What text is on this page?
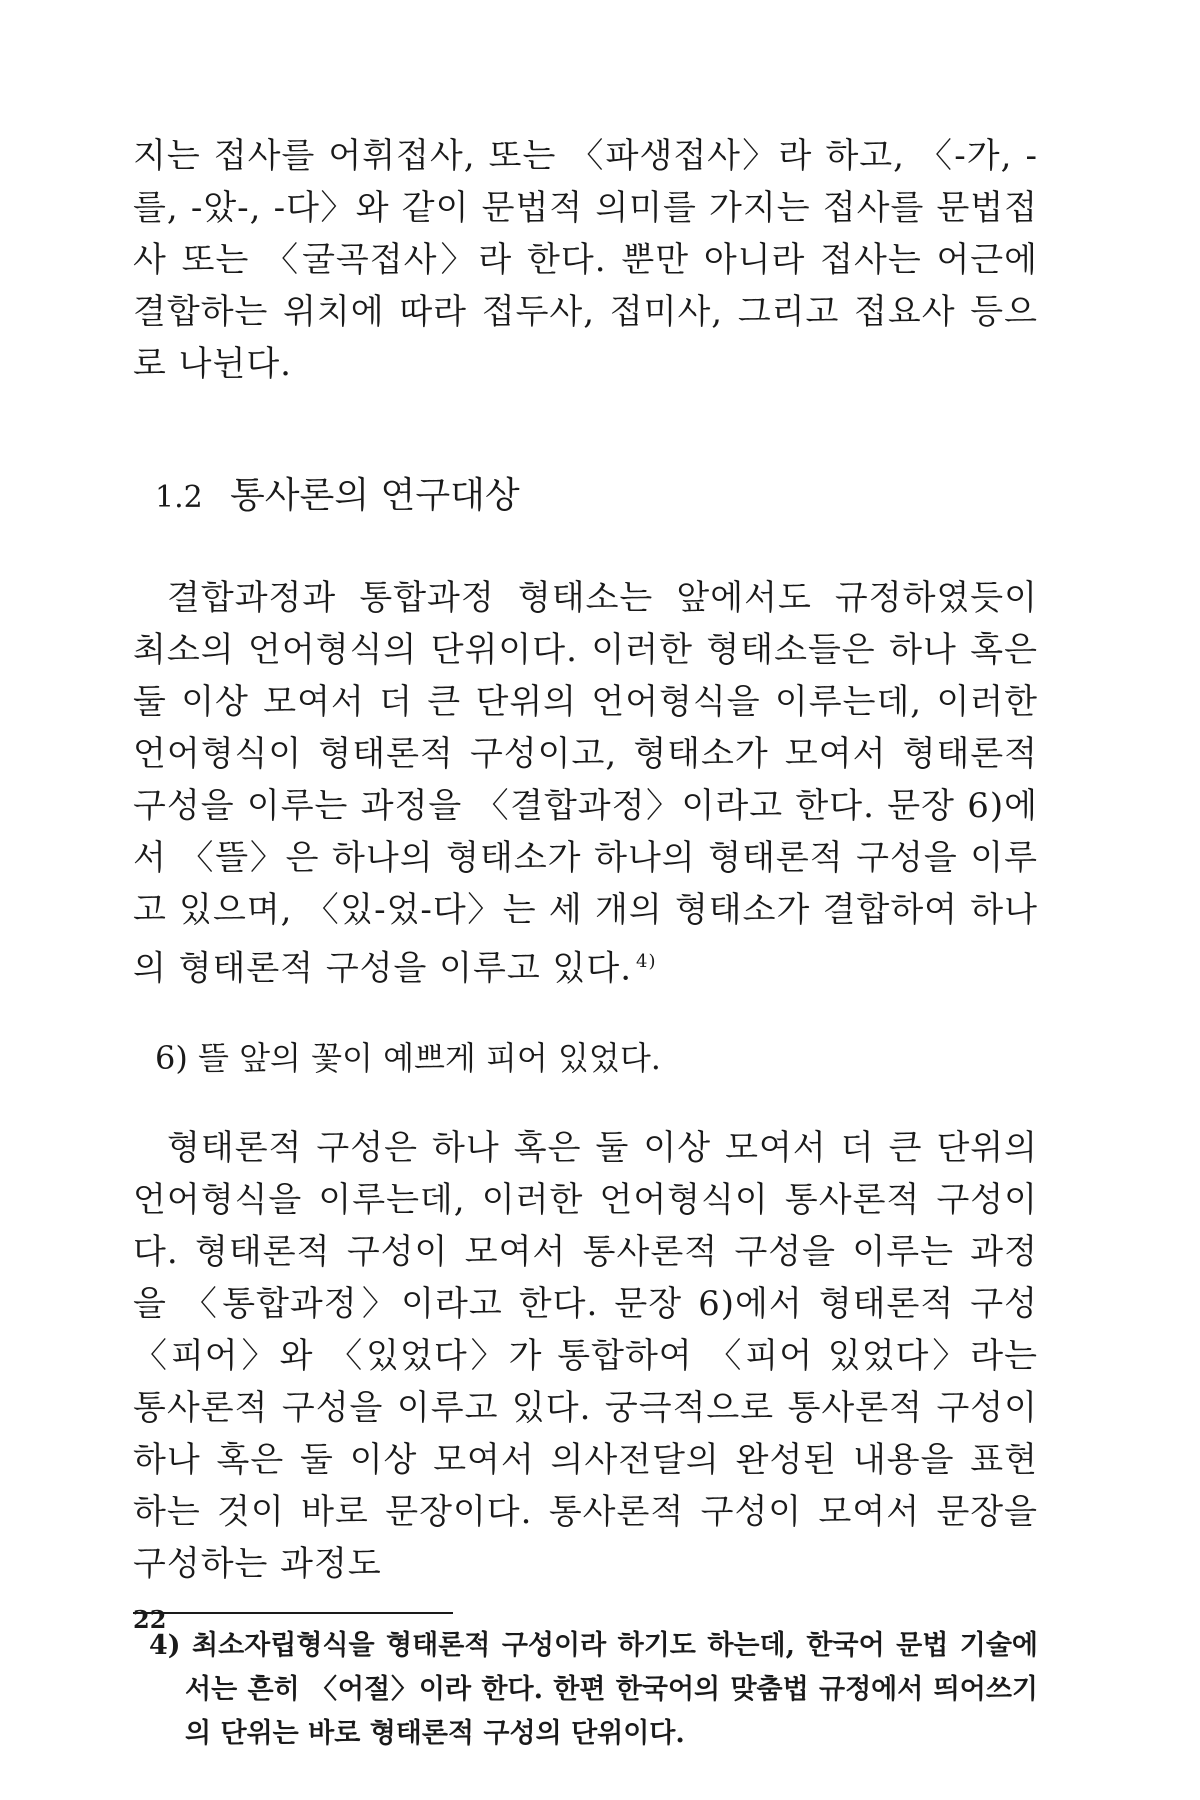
지는 접사를 어휘접사, 또는 〈파생접사〉라 하고, 〈-가, -를, -았-, -다〉와 같이 문법적 의미를 가지는 접사를 문법접사 또는 〈굴곡접사〉라 한다. 뿐만 아니라 접사는 어근에 결합하는 위치에 따라 접두사, 접미사, 그리고 접요사 등으로 나뉜다.

1.2 통사론의 연구대상

결합과정과 통합과정 형태소는 앞에서도 규정하였듯이 최소의 언어형식의 단위이다. 이러한 형태소들은 하나 혹은 둘 이상 모여서 더 큰 단위의 언어형식을 이루는데, 이러한 언어형식이 형태론적 구성이고, 형태소가 모여서 형태론적 구성을 이루는 과정을 〈결합과정〉이라고 한다. 문장 6)에서 〈뜰〉은 하나의 형태소가 하나의 형태론적 구성을 이루고 있으며, 〈있-었-다〉는 세 개의 형태소가 결합하여 하나의 형태론적 구성을 이루고 있다. $^{4)}$

6) 뜰 앞의 꽃이 예쁘게 피어 있었다.

형태론적 구성은 하나 혹은 둘 이상 모여서 더 큰 단위의 언어형식을 이루는데, 이러한 언어형식이 통사론적 구성이다. 형태론적 구성이 모여서 통사론적 구성을 이루는 과정을 〈통합과정〉이라고 한다. 문장 6)에서 형태론적 구성 〈피어〉와 〈있었다〉가 통합하여 〈피어 있었다〉라는 통사론적 구성을 이루고 있다. 궁극적으로 통사론적 구성이 하나 혹은 둘 이상 모여서 의사전달의 완성된 내용을 표현하는 것이 바로 문장이다. 통사론적 구성이 모여서 문장을 구성하는 과정도

4) 최소자립형식을 형태론적 구성이라 하기도 하는데, 한국어 문법 기술에서는 흔히 〈어절〉이라 한다. 한편 한국어의 맞춤법 규정에서 띄어쓰기의 단위는 바로 형태론적 구성의 단위이다.

22
